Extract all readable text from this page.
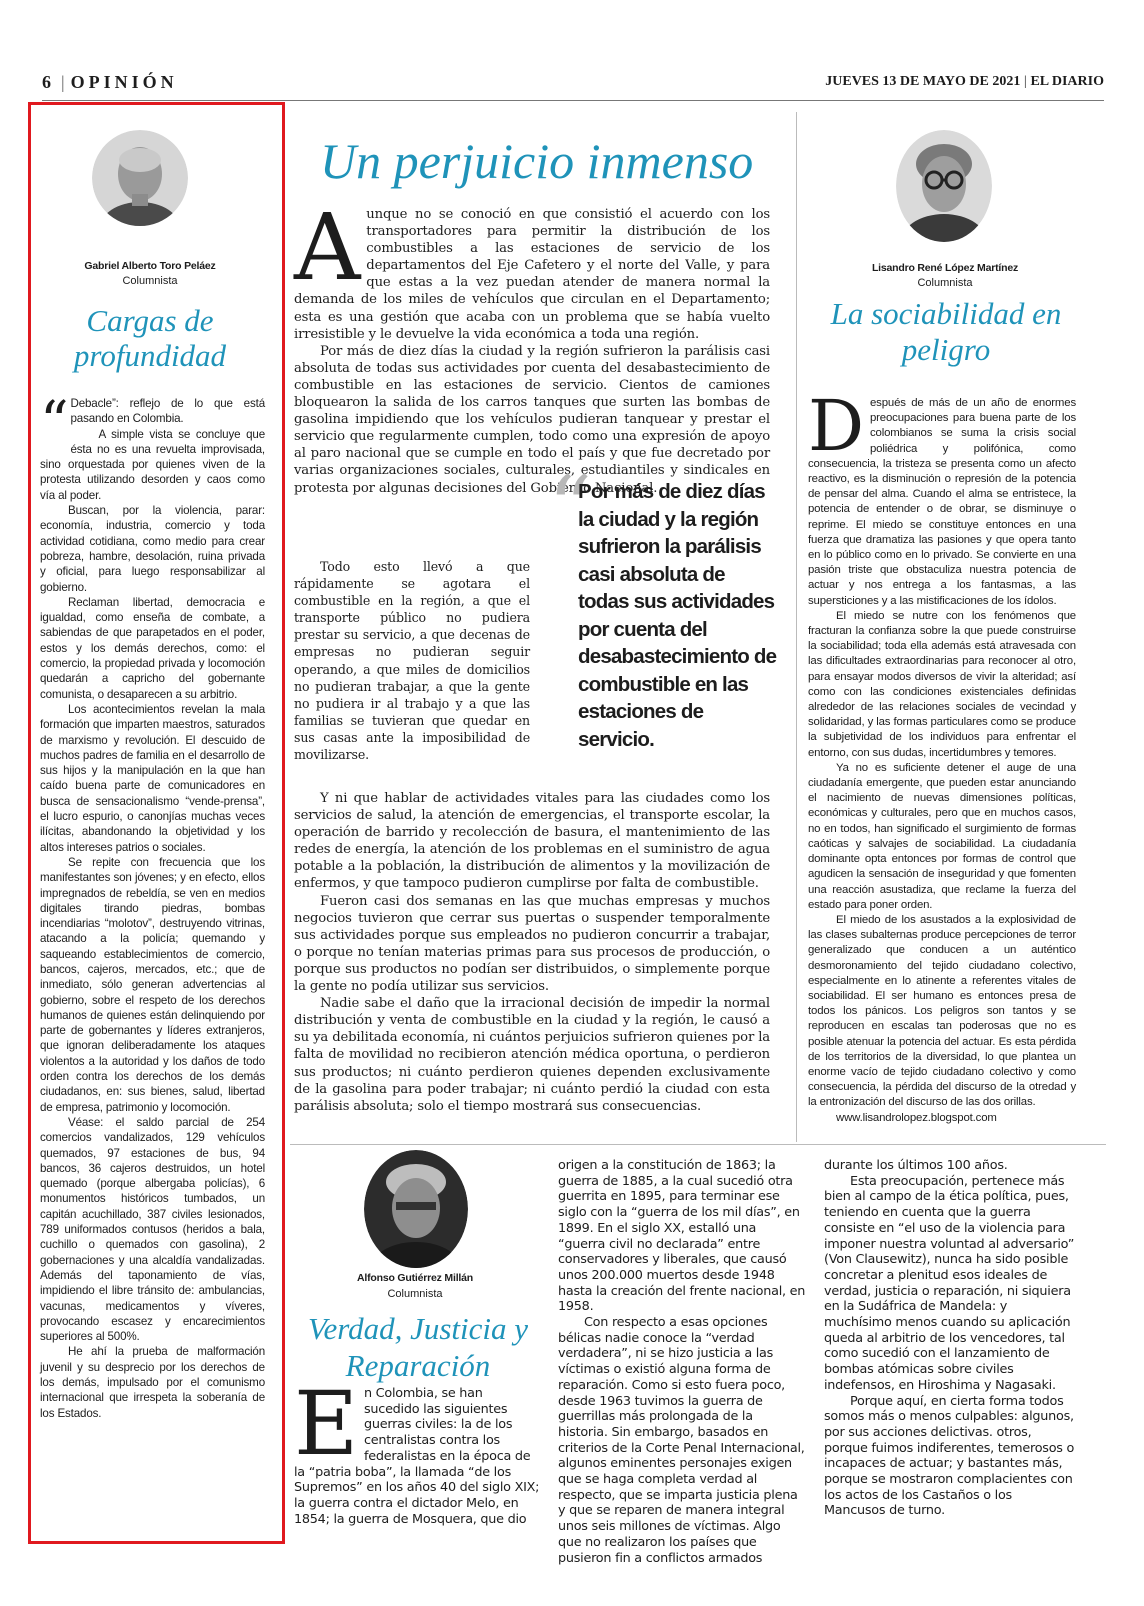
6 | OPINIÓN	JUEVES 13 DE MAYO DE 2021 | EL DIARIO
Gabriel Alberto Toro Peláez
Columnista
Cargas de
profundidad
“ Debacle”: reflejo de lo que está pasando en Colombia.

A simple vista se concluye que ésta no es una revuelta improvisada, sino orquestada por quienes viven de la protesta utilizando desorden y caos como vía al poder.

Buscan, por la violencia, parar: economía, industria, comercio y toda actividad cotidiana, como medio para crear pobreza, hambre, desolación, ruina privada y oficial, para luego responsabilizar al gobierno.

Reclaman libertad, democracia e igualdad, como enseña de combate, a sabiendas de que parapetados en el poder, estos y los demás derechos, como: el comercio, la propiedad privada y locomoción quedarán a capricho del gobernante comunista, o desaparecen a su arbitrio.

Los acontecimientos revelan la mala formación que imparten maestros, saturados de marxismo y revolución. El descuido de muchos padres de familia en el desarrollo de sus hijos y la manipulación en la que han caído buena parte de comunicadores en busca de sensacionalismo “vende-prensa”, el lucro espurio, o canonjías muchas veces ilícitas, abandonando la objetividad y los altos intereses patrios o sociales.

Se repite con frecuencia que los manifestantes son jóvenes; y en efecto, ellos impregnados de rebeldía, se ven en medios digitales tirando piedras, bombas incendiarias “molotov”, destruyendo vitrinas, atacando a la policía; quemando y saqueando establecimientos de comercio, bancos, cajeros, mercados, etc.; que de inmediato, sólo generan advertencias al gobierno, sobre el respeto de los derechos humanos de quienes están delinquiendo por parte de gobernantes y líderes extranjeros, que ignoran deliberadamente los ataques violentos a la autoridad y los daños de todo orden contra los derechos de los demás ciudadanos, en: sus bienes, salud, libertad de empresa, patrimonio y locomoción.

Véase: el saldo parcial de 254 comercios vandalizados, 129 vehículos quemados, 97 estaciones de bus, 94 bancos, 36 cajeros destruidos, un hotel quemado (porque albergaba policías), 6 monumentos históricos tumbados, un capitán acuchillado, 387 civiles lesionados, 789 uniformados contusos (heridos a bala, cuchillo o quemados con gasolina), 2 gobernaciones y una alcaldía vandalizadas. Además del taponamiento de vías, impidiendo el libre tránsito de: ambulancias, vacunas, medicamentos y víveres, provocando escasez y encarecimientos superiores al 500%.

He ahí la prueba de malformación juvenil y su desprecio por los derechos de los demás, impulsado por el comunismo internacional que irrespeta la soberanía de los Estados.

Un perjuicio inmenso

Aunque no se conoció en que consistió el acuerdo con los transportadores para permitir la distribución de los combustibles a las estaciones de servicio de los departamentos del Eje Cafetero y el norte del Valle, y para que estas a la vez puedan atender de manera normal la demanda de los miles de vehículos que circulan en el Departamento; esta es una gestión que acaba con un problema que se había vuelto irresistible y le devuelve la vida económica a toda una región.

Por más de diez días la ciudad y la región sufrieron la parálisis casi absoluta de todas sus actividades por cuenta del desabastecimiento de combustible en las estaciones de servicio. Cientos de camiones bloquearon la salida de los carros tanques que surten las bombas de gasolina impidiendo que los vehículos pudieran tanquear y prestar el servicio que regularmente cumplen, todo como una expresión de apoyo al paro nacional que se cumple en todo el país y que fue decretado por varias organizaciones sociales, culturales, estudiantiles y sindicales en protesta por algunas decisiones del Gobierno Nacional.

Todo esto llevó a que rápidamente se agotara el combustible en la región, a que el transporte público no pudiera prestar su servicio, a que decenas de empresas no pudieran seguir operando, a que miles de domicilios no pudieran trabajar, a que la gente no pudiera ir al trabajo y a que las familias se tuvieran que quedar en sus casas ante la imposibilidad de movilizarse.

“
Por más de diez días la ciudad y la región sufrieron la parálisis casi absoluta de todas sus actividades por cuenta del desabastecimiento de combustible en las estaciones de servicio.

Y ni que hablar de actividades vitales para las ciudades como los servicios de salud, la atención de emergencias, el transporte escolar, la operación de barrido y recolección de basura, el mantenimiento de las redes de energía, la atención de los problemas en el suministro de agua potable a la población, la distribución de alimentos y la movilización de enfermos, y que tampoco pudieron cumplirse por falta de combustible.

Fueron casi dos semanas en las que muchas empresas y muchos negocios tuvieron que cerrar sus puertas o suspender temporalmente sus actividades porque sus empleados no pudieron concurrir a trabajar, o porque no tenían materias primas para sus procesos de producción, o porque sus productos no podían ser distribuidos, o simplemente porque la gente no podía utilizar sus servicios.

Nadie sabe el daño que la irracional decisión de impedir la normal distribución y venta de combustible en la ciudad y la región, le causó a su ya debilitada economía, ni cuántos perjuicios sufrieron quienes por la falta de movilidad no recibieron atención médica oportuna, o perdieron sus productos; ni cuánto perdieron quienes dependen exclusivamente de la gasolina para poder trabajar; ni cuánto perdió la ciudad con esta parálisis absoluta; solo el tiempo mostrará sus consecuencias.

Lisandro René López Martínez
Columnista
La sociabilidad en
peligro

Después de más de un año de enormes preocupaciones para buena parte de los colombianos se suma la crisis social poliédrica y polifónica, como consecuencia, la tristeza se presenta como un afecto reactivo, es la disminución o represión de la potencia de pensar del alma. Cuando el alma se entristece, la potencia de entender o de obrar, se disminuye o reprime. El miedo se constituye entonces en una fuerza que dramatiza las pasiones y que opera tanto en lo público como en lo privado. Se convierte en una pasión triste que obstaculiza nuestra potencia de actuar y nos entrega a los fantasmas, a las supersticiones y a las mistificaciones de los ídolos.

El miedo se nutre con los fenómenos que fracturan la confianza sobre la que puede construirse la sociabilidad; toda ella además está atravesada con las dificultades extraordinarias para reconocer al otro, para ensayar modos diversos de vivir la alteridad; así como con las condiciones existenciales definidas alrededor de las relaciones sociales de vecindad y solidaridad, y las formas particulares como se produce la subjetividad de los individuos para enfrentar el entorno, con sus dudas, incertidumbres y temores.

Ya no es suficiente detener el auge de una ciudadanía emergente, que pueden estar anunciando el nacimiento de nuevas dimensiones políticas, económicas y culturales, pero que en muchos casos, no en todos, han significado el surgimiento de formas caóticas y salvajes de sociabilidad. La ciudadanía dominante opta entonces por formas de control que agudicen la sensación de inseguridad y que fomenten una reacción asustadiza, que reclame la fuerza del estado para poner orden.

El miedo de los asustados a la explosividad de las clases subalternas produce percepciones de terror generalizado que conducen a un auténtico desmoronamiento del tejido ciudadano colectivo, especialmente en lo atinente a referentes vitales de sociabilidad. El ser humano es entonces presa de todos los pánicos. Los peligros son tantos y se reproducen en escalas tan poderosas que no es posible atenuar la potencia del actuar. Es esta pérdida de los territorios de la diversidad, lo que plantea un enorme vacío de tejido ciudadano colectivo y como consecuencia, la pérdida del discurso de la otredad y la entronización del discurso de las dos orillas.

www.lisandrolopez.blogspot.com

Alfonso Gutiérrez Millán
Columnista
Verdad, Justicia y
Reparación

En Colombia, se han sucedido las siguientes guerras civiles: la de los centralistas contra los federalistas en la época de la “patria boba”, la llamada “de los Supremos” en los años 40 del siglo XIX; la guerra contra el dictador Melo, en 1854; la guerra de Mosquera, que dio

origen a la constitución de 1863; la guerra de 1885, a la cual sucedió otra guerrita en 1895, para terminar ese siglo con la “guerra de los mil días”, en 1899. En el siglo XX, estalló una “guerra civil no declarada” entre conservadores y liberales, que causó unos 200.000 muertos desde 1948 hasta la creación del frente nacional, en 1958.

Con respecto a esas opciones bélicas nadie conoce la “verdad verdadera”, ni se hizo justicia a las víctimas o existió alguna forma de reparación. Como si esto fuera poco, desde 1963 tuvimos la guerra de guerrillas más prolongada de la historia. Sin embargo, basados en criterios de la Corte Penal Internacional, algunos eminentes personajes exigen que se haga completa verdad al respecto, que se imparta justicia plena y que se reparen de manera integral unos seis millones de víctimas. Algo que no realizaron los países que pusieron fin a conflictos armados

durante los últimos 100 años.

Esta preocupación, pertenece más bien al campo de la ética política, pues, teniendo en cuenta que la guerra consiste en “el uso de la violencia para imponer nuestra voluntad al adversario” (Von Clausewitz), nunca ha sido posible concretar a plenitud esos ideales de verdad, justicia o reparación, ni siquiera en la Sudáfrica de Mandela: y muchísimo menos cuando su aplicación queda al arbitrio de los vencedores, tal como sucedió con el lanzamiento de bombas atómicas sobre civiles indefensos, en Hiroshima y Nagasaki.

Porque aquí, en cierta forma todos somos más o menos culpables: algunos, por sus acciones delictivas. otros, porque fuimos indiferentes, temerosos o incapaces de actuar; y bastantes más, porque se mostraron complacientes con los actos de los Castaños o los Mancusos de turno.
